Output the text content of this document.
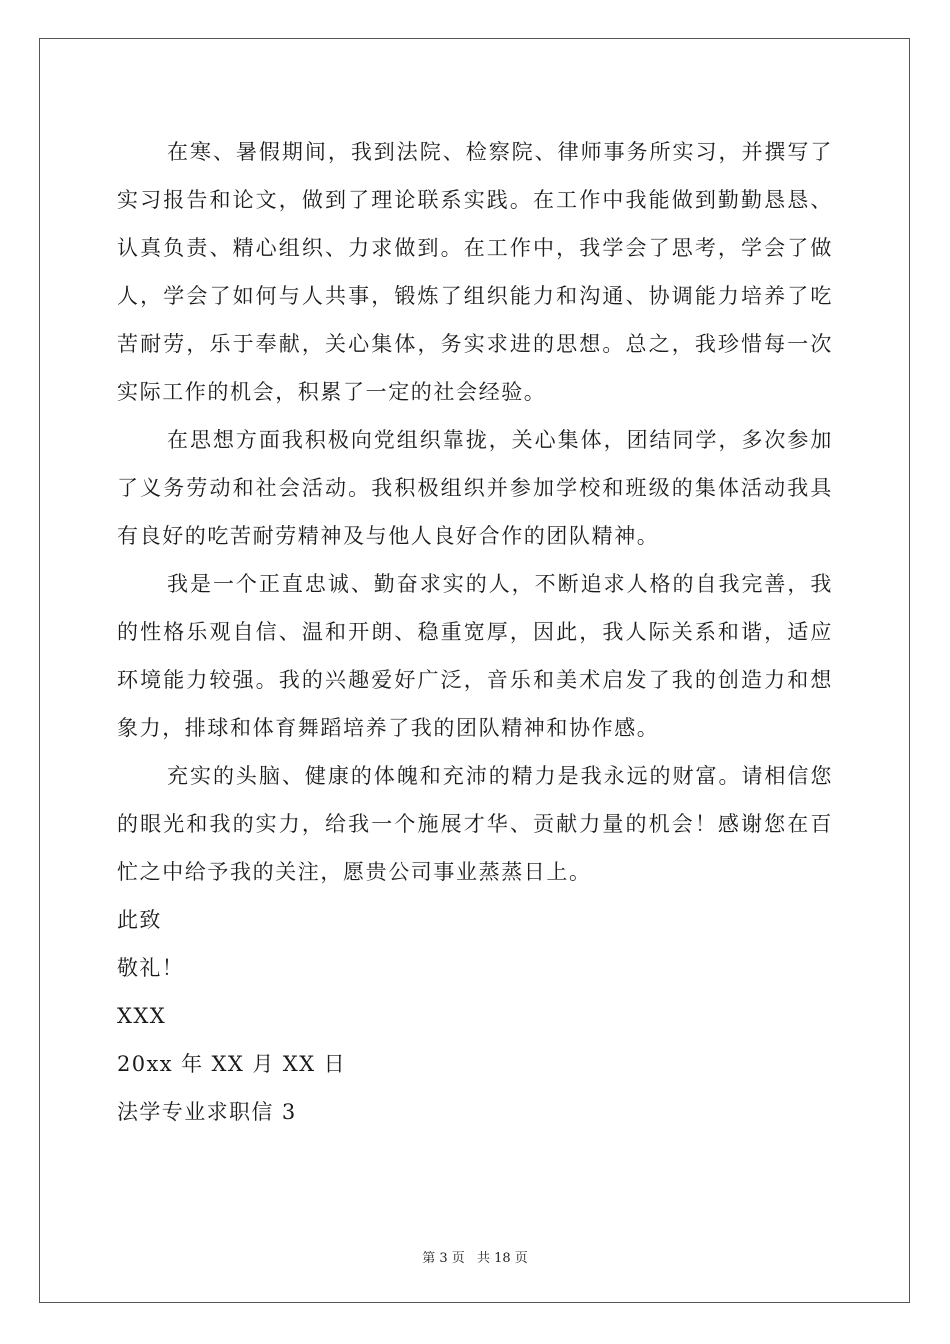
在寒、暑假期间，我到法院、检察院、律师事务所实习，并撰写了实习报告和论文，做到了理论联系实践。在工作中我能做到勤勤恳恳、认真负责、精心组织、力求做到。在工作中，我学会了思考，学会了做人，学会了如何与人共事，锻炼了组织能力和沟通、协调能力培养了吃苦耐劳，乐于奉献，关心集体，务实求进的思想。总之，我珍惜每一次实际工作的机会，积累了一定的社会经验。

在思想方面我积极向党组织靠拢，关心集体，团结同学，多次参加了义务劳动和社会活动。我积极组织并参加学校和班级的集体活动我具有良好的吃苦耐劳精神及与他人良好合作的团队精神。

我是一个正直忠诚、勤奋求实的人，不断追求人格的自我完善，我的性格乐观自信、温和开朗、稳重宽厚，因此，我人际关系和谐，适应环境能力较强。我的兴趣爱好广泛，音乐和美术启发了我的创造力和想象力，排球和体育舞蹈培养了我的团队精神和协作感。

充实的头脑、健康的体魄和充沛的精力是我永远的财富。请相信您的眼光和我的实力，给我一个施展才华、贡献力量的机会！感谢您在百忙之中给予我的关注，愿贵公司事业蒸蒸日上。

此致

敬礼！

XXX

20xx 年 XX 月 XX 日

法学专业求职信 3

第 3 页 共 18 页
